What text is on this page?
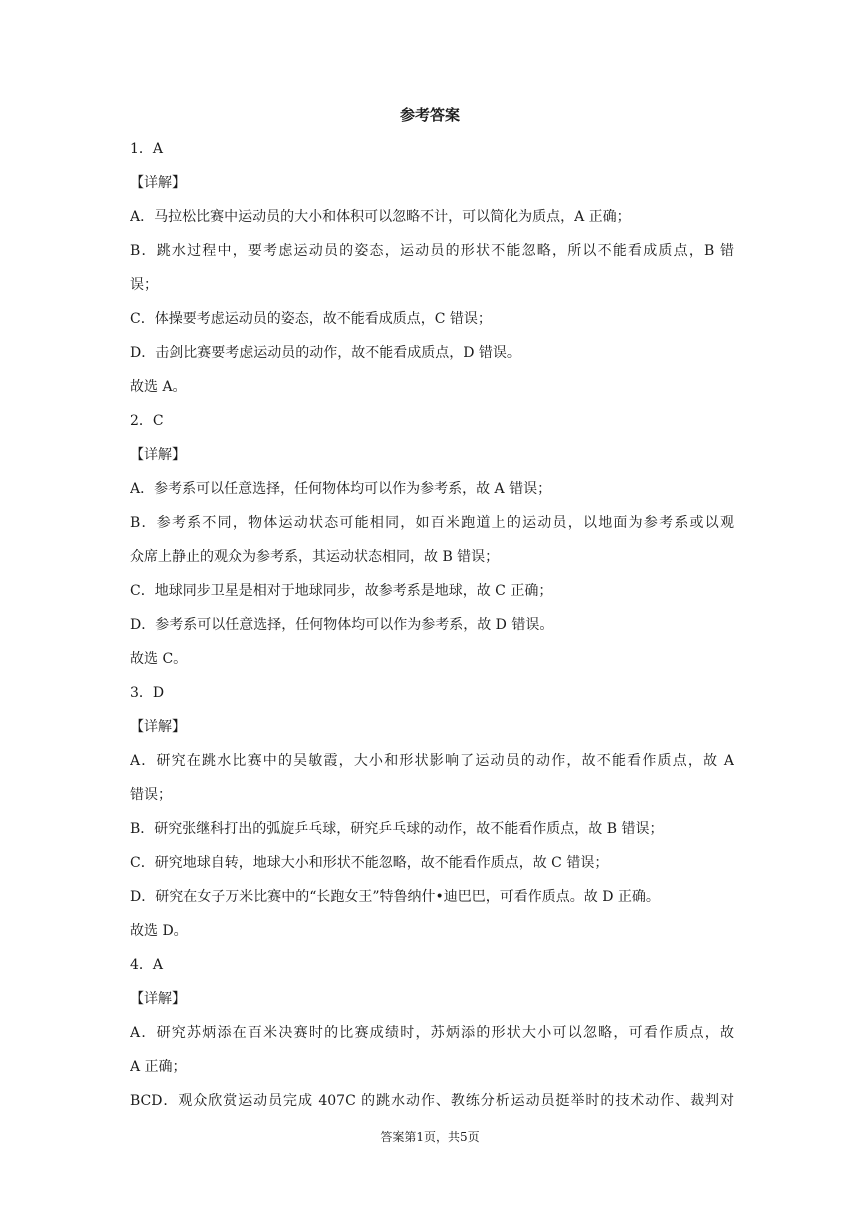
参考答案
1．A
【详解】
A．马拉松比赛中运动员的大小和体积可以忽略不计，可以简化为质点，A 正确；
B．跳水过程中，要考虑运动员的姿态，运动员的形状不能忽略，所以不能看成质点，B 错
误；
C．体操要考虑运动员的姿态，故不能看成质点，C 错误；
D．击剑比赛要考虑运动员的动作，故不能看成质点，D 错误。
故选 A。
2．C
【详解】
A．参考系可以任意选择，任何物体均可以作为参考系，故 A 错误；
B．参考系不同，物体运动状态可能相同，如百米跑道上的运动员，以地面为参考系或以观
众席上静止的观众为参考系，其运动状态相同，故 B 错误；
C．地球同步卫星是相对于地球同步，故参考系是地球，故 C 正确；
D．参考系可以任意选择，任何物体均可以作为参考系，故 D 错误。
故选 C。
3．D
【详解】
A．研究在跳水比赛中的吴敏霞，大小和形状影响了运动员的动作，故不能看作质点，故 A
错误；
B．研究张继科打出的弧旋乒乓球，研究乒乓球的动作，故不能看作质点，故 B 错误；
C．研究地球自转，地球大小和形状不能忽略，故不能看作质点，故 C 错误；
D．研究在女子万米比赛中的“长跑女王”特鲁纳什•迪巴巴，可看作质点。故 D 正确。
故选 D。
4．A
【详解】
A．研究苏炳添在百米决赛时的比赛成绩时，苏炳添的形状大小可以忽略，可看作质点，故
A 正确；
BCD．观众欣赏运动员完成 407C 的跳水动作、教练分析运动员挺举时的技术动作、裁判对
答案第1页，共5页
